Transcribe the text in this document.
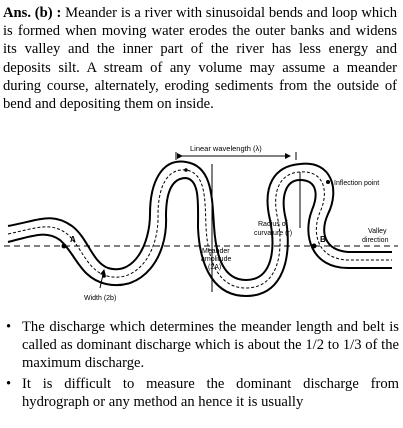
Ans. (b) : Meander is a river with sinusoidal bends and loop which is formed when moving water erodes the outer banks and widens its valley and the inner part of the river has less energy and deposits silt. A stream of any volume may assume a meander during course, alternately, eroding sediments from the outside of bend and depositing them on inside.

Linear wavelength (λ)
Inflection point
Radius of
curvature (r)	Valley
direction
A	B
Meander
amplitude
(2A)
Width (2b)
• The discharge which determines the meander length and belt is called as dominant discharge which is about the 1/2 to 1/3 of the maximum discharge.
• It is difficult to measure the dominant discharge from hydrograph or any method an hence it is usually
